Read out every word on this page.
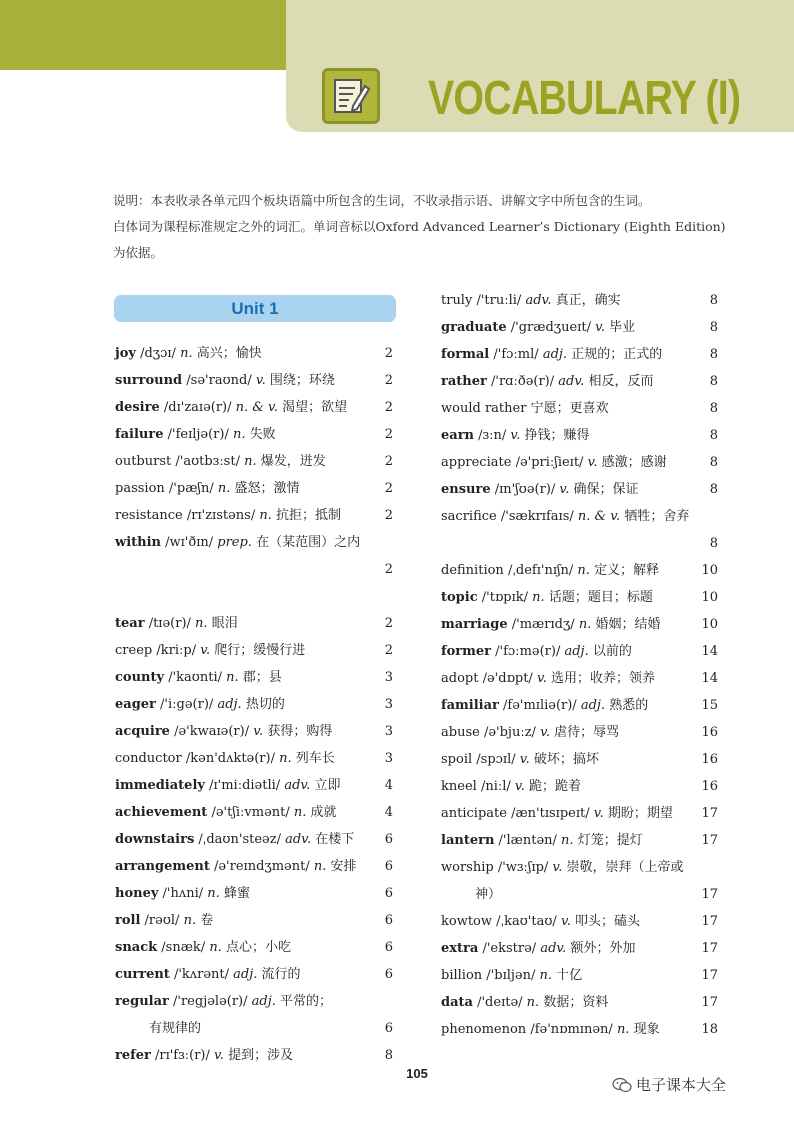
VOCABULARY (I)
说明：本表收录各单元四个板块语篇中所包含的生词，不收录指示语、讲解文字中所包含的生词。
白体词为课程标准规定之外的词汇。单词音标以Oxford Advanced Learner’s Dictionary (Eighth Edition)
为依据。
Unit 1
joy /dʒɔɪ/ n. 高兴；愉快	2
surround /sə'raʊnd/ v. 围绕；环绕	2
desire /dɪ'zaɪə(r)/ n. & v. 渴望；欲望	2
failure /'feɪljə(r)/ n. 失败	2
outburst /'aʊtbɜːst/ n. 爆发，迸发	2
passion /'pæʃn/ n. 盛怒；激情	2
resistance /rɪ'zɪstəns/ n. 抗拒；抵制	2
within /wɪ'ðɪn/ prep. 在（某范围）之内
2
tear /tɪə(r)/ n. 眼泪	2
creep /kriːp/ v. 爬行；缓慢行进	2
county /'kaʊnti/ n. 郡；县	3
eager /'iːgə(r)/ adj. 热切的	3
acquire /ə'kwaɪə(r)/ v. 获得；购得	3
conductor /kən'dʌktə(r)/ n. 列车长	3
immediately /ɪ'miːdiətli/ adv. 立即	4
achievement /ə'tʃiːvmənt/ n. 成就	4
downstairs /ˌdaʊn'steəz/ adv. 在楼下 6
arrangement /ə'reɪndʒmənt/ n. 安排 6
honey /'hʌni/ n. 蜂蜜	6
roll /rəʊl/ n. 卷	6
snack /snæk/ n. 点心；小吃	6
current /'kʌrənt/ adj. 流行的	6
regular /'regjələ(r)/ adj. 平常的；
有规律的	6
refer /rɪ'fɜː(r)/ v. 提到；涉及	8
truly /'truːli/ adv. 真正，确实	8
graduate /'grædʒueɪt/ v. 毕业	8
formal /'fɔːml/ adj. 正规的；正式的	8
rather /'rɑːðə(r)/ adv. 相反，反而	8
would rather 宁愿；更喜欢	8
earn /ɜːn/ v. 挣钱；赚得	8
appreciate /ə'priːʃieɪt/ v. 感激；感谢	8
ensure /ɪn'ʃʊə(r)/ v. 确保；保证	8
sacrifice /'sækrɪfaɪs/ n. & v. 牺牲；舍弃
8
definition /ˌdefɪ'nɪʃn/ n. 定义；解释	10
topic /'tɒpɪk/ n. 话题；题目；标题	10
marriage /'mærɪdʒ/ n. 婚姻；结婚	10
former /'fɔːmə(r)/ adj. 以前的	14
adopt /ə'dɒpt/ v. 选用；收养；领养	14
familiar /fə'mɪliə(r)/ adj. 熟悉的	15
abuse /ə'bjuːz/ v. 虐待；辱骂	16
spoil /spɔɪl/ v. 破坏；搞坏	16
kneel /niːl/ v. 跪；跪着	16
anticipate /æn'tɪsɪpeɪt/ v. 期盼；期望 17
lantern /'læntən/ n. 灯笼；提灯	17
worship /'wɜːʃɪp/ v. 崇敬，崇拜（上帝或
神）	17
kowtow /ˌkaʊ'taʊ/ v. 叩头；磕头	17
extra /'ekstrə/ adv. 额外；外加	17
billion /'bɪljən/ n. 十亿	17
data /'deɪtə/ n. 数据；资料	17
phenomenon /fə'nɒmɪnən/ n. 现象	18
105
电子课本大全
